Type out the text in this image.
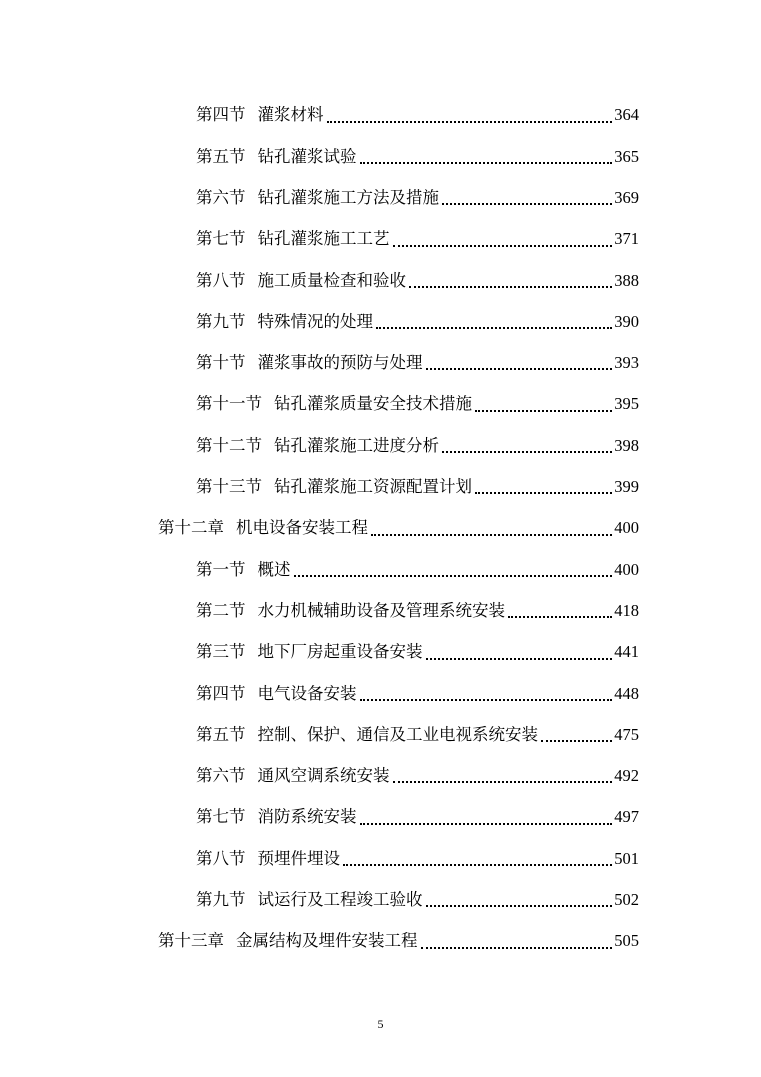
第四节 灌浆材料	364
第五节 钻孔灌浆试验	365
第六节 钻孔灌浆施工方法及措施	369
第七节 钻孔灌浆施工工艺	371
第八节 施工质量检查和验收	388
第九节 特殊情况的处理	390
第十节 灌浆事故的预防与处理	393
第十一节 钻孔灌浆质量安全技术措施	395
第十二节 钻孔灌浆施工进度分析	398
第十三节 钻孔灌浆施工资源配置计划	399
第十二章 机电设备安装工程	400
第一节 概述	400
第二节 水力机械辅助设备及管理系统安装	418
第三节 地下厂房起重设备安装	441
第四节 电气设备安装	448
第五节 控制、保护、通信及工业电视系统安装	475
第六节 通风空调系统安装	492
第七节 消防系统安装	497
第八节 预埋件埋设	501
第九节 试运行及工程竣工验收	502
第十三章 金属结构及埋件安装工程	505
5
